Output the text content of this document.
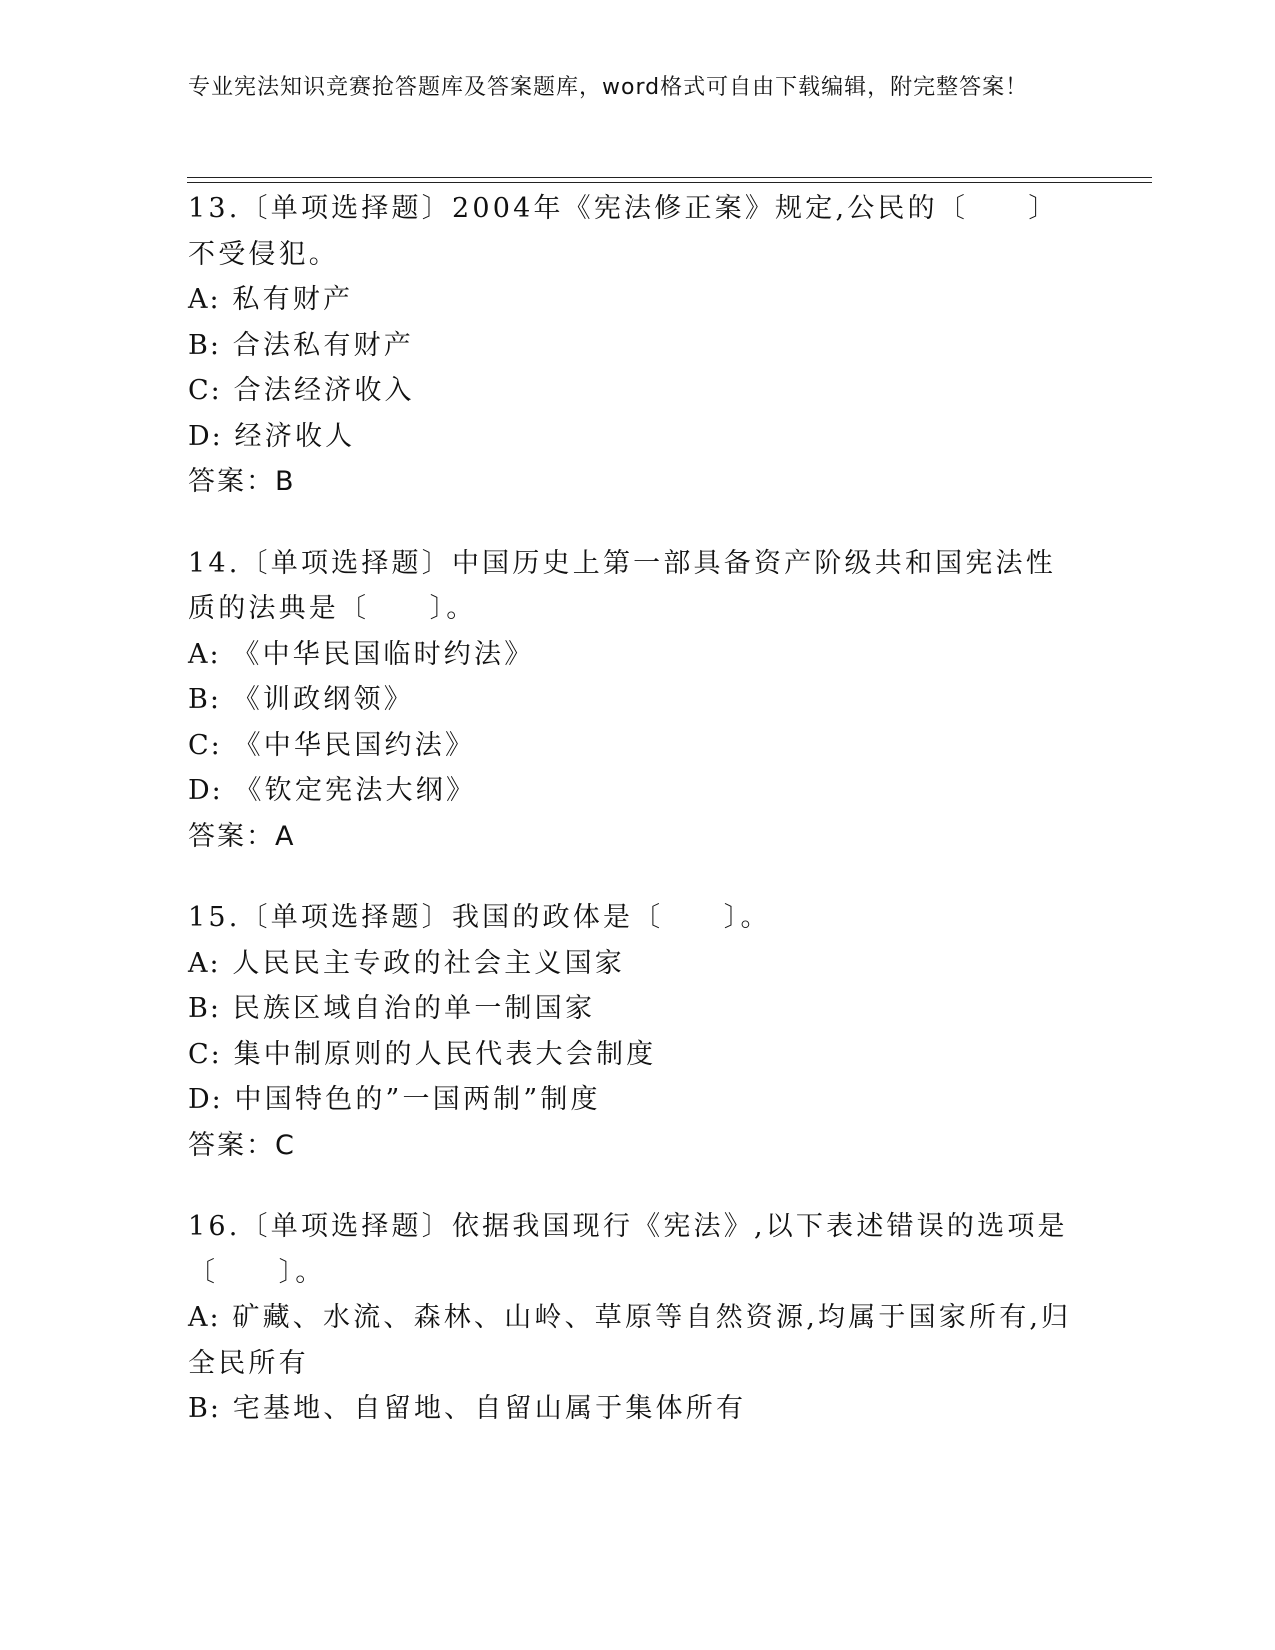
专业宪法知识竞赛抢答题库及答案题库，word格式可自由下载编辑，附完整答案！
13.〔单项选择题〕2004年《宪法修正案》规定,公民的〔　　〕不受侵犯。
A: 私有财产
B: 合法私有财产
C: 合法经济收入
D: 经济收人
答案：B
14.〔单项选择题〕中国历史上第一部具备资产阶级共和国宪法性质的法典是〔　　〕。
A: 《中华民国临时约法》
B: 《训政纲领》
C: 《中华民国约法》
D: 《钦定宪法大纲》
答案：A
15.〔单项选择题〕我国的政体是〔　　〕。
A: 人民民主专政的社会主义国家
B: 民族区域自治的单一制国家
C: 集中制原则的人民代表大会制度
D: 中国特色的”一国两制”制度
答案：C
16.〔单项选择题〕依据我国现行《宪法》,以下表述错误的选项是〔　　〕。
A: 矿藏、水流、森林、山岭、草原等自然资源,均属于国家所有,归全民所有
B: 宅基地、自留地、自留山属于集体所有
